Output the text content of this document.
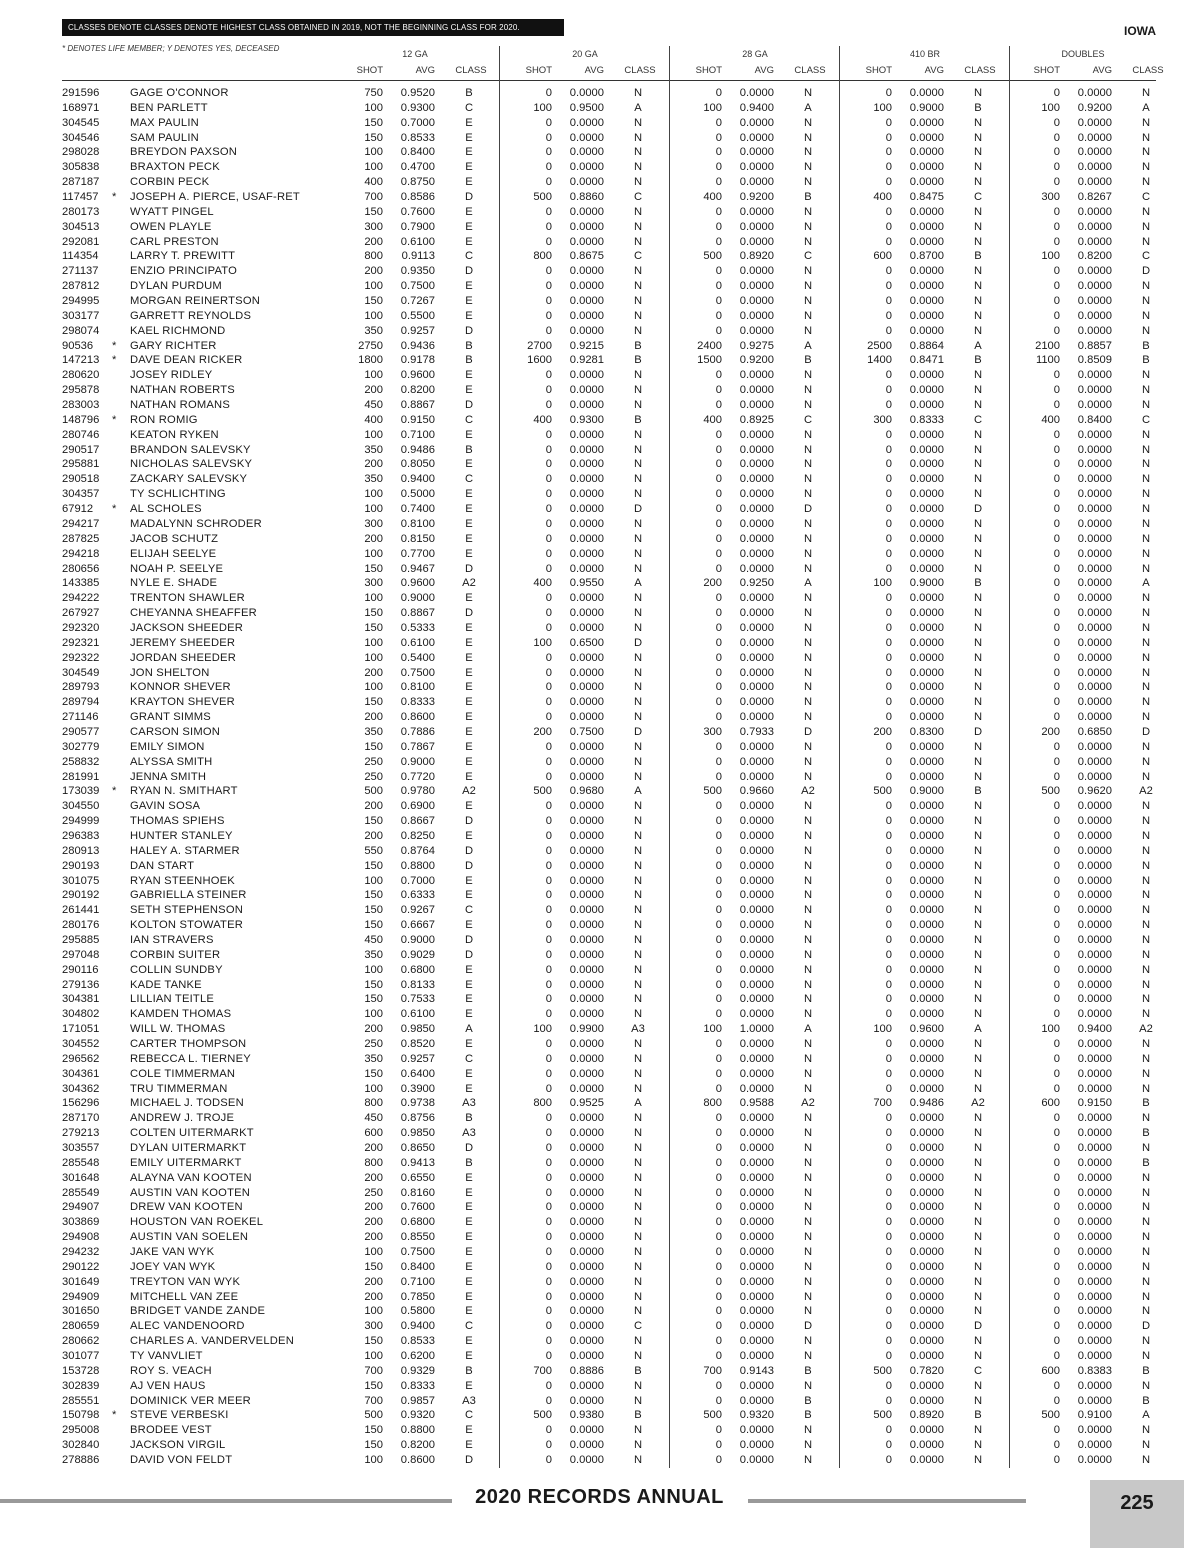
CLASSES DENOTE CLASSES DENOTE HIGHEST CLASS OBTAINED IN 2019, NOT THE BEGINNING CLASS FOR 2020.	IOWA
* DENOTES LIFE MEMBER; Y DENOTES YES, DECEASED
12 GA	20 GA	28 GA	410 BR	DOUBLES
SHOT	AVG	CLASS	SHOT	AVG	CLASS	SHOT	AVG	CLASS	SHOT	AVG	CLASS	SHOT	AVG	CLASS
291596	GAGE O'CONNOR	750	0.9520	B	0	0.0000	N	0	0.0000	N	0	0.0000	N	0	0.0000	N
168971	BEN PARLETT	100	0.9300	C	100	0.9500	A	100	0.9400	A	100	0.9000	B	100	0.9200	A
304545	MAX PAULIN	150	0.7000	E	0	0.0000	N	0	0.0000	N	0	0.0000	N	0	0.0000	N
304546	SAM PAULIN	150	0.8533	E	0	0.0000	N	0	0.0000	N	0	0.0000	N	0	0.0000	N
298028	BREYDON PAXSON	100	0.8400	E	0	0.0000	N	0	0.0000	N	0	0.0000	N	0	0.0000	N
305838	BRAXTON PECK	100	0.4700	E	0	0.0000	N	0	0.0000	N	0	0.0000	N	0	0.0000	N
287187	CORBIN PECK	400	0.8750	E	0	0.0000	N	0	0.0000	N	0	0.0000	N	0	0.0000	N
117457	*	JOSEPH A. PIERCE, USAF-RET	700	0.8586	D	500	0.8860	C	400	0.9200	B	400	0.8475	C	300	0.8267	C
280173	WYATT PINGEL	150	0.7600	E	0	0.0000	N	0	0.0000	N	0	0.0000	N	0	0.0000	N
304513	OWEN PLAYLE	300	0.7900	E	0	0.0000	N	0	0.0000	N	0	0.0000	N	0	0.0000	N
292081	CARL PRESTON	200	0.6100	E	0	0.0000	N	0	0.0000	N	0	0.0000	N	0	0.0000	N
114354	LARRY T. PREWITT	800	0.9113	C	800	0.8675	C	500	0.8920	C	600	0.8700	B	100	0.8200	C
271137	ENZIO PRINCIPATO	200	0.9350	D	0	0.0000	N	0	0.0000	N	0	0.0000	N	0	0.0000	D
287812	DYLAN PURDUM	100	0.7500	E	0	0.0000	N	0	0.0000	N	0	0.0000	N	0	0.0000	N
294995	MORGAN REINERTSON	150	0.7267	E	0	0.0000	N	0	0.0000	N	0	0.0000	N	0	0.0000	N
303177	GARRETT REYNOLDS	100	0.5500	E	0	0.0000	N	0	0.0000	N	0	0.0000	N	0	0.0000	N
298074	KAEL RICHMOND	350	0.9257	D	0	0.0000	N	0	0.0000	N	0	0.0000	N	0	0.0000	N
90536	*	GARY RICHTER	2750	0.9436	B	2700	0.9215	B	2400	0.9275	A	2500	0.8864	A	2100	0.8857	B
147213	*	DAVE DEAN RICKER	1800	0.9178	B	1600	0.9281	B	1500	0.9200	B	1400	0.8471	B	1100	0.8509	B
280620	JOSEY RIDLEY	100	0.9600	E	0	0.0000	N	0	0.0000	N	0	0.0000	N	0	0.0000	N
295878	NATHAN ROBERTS	200	0.8200	E	0	0.0000	N	0	0.0000	N	0	0.0000	N	0	0.0000	N
283003	NATHAN ROMANS	450	0.8867	D	0	0.0000	N	0	0.0000	N	0	0.0000	N	0	0.0000	N
148796	*	RON ROMIG	400	0.9150	C	400	0.9300	B	400	0.8925	C	300	0.8333	C	400	0.8400	C
280746	KEATON RYKEN	100	0.7100	E	0	0.0000	N	0	0.0000	N	0	0.0000	N	0	0.0000	N
290517	BRANDON SALEVSKY	350	0.9486	B	0	0.0000	N	0	0.0000	N	0	0.0000	N	0	0.0000	N
295881	NICHOLAS SALEVSKY	200	0.8050	E	0	0.0000	N	0	0.0000	N	0	0.0000	N	0	0.0000	N
290518	ZACKARY SALEVSKY	350	0.9400	C	0	0.0000	N	0	0.0000	N	0	0.0000	N	0	0.0000	N
304357	TY SCHLICHTING	100	0.5000	E	0	0.0000	N	0	0.0000	N	0	0.0000	N	0	0.0000	N
67912	*	AL SCHOLES	100	0.7400	E	0	0.0000	D	0	0.0000	D	0	0.0000	D	0	0.0000	N
294217	MADALYNN SCHRODER	300	0.8100	E	0	0.0000	N	0	0.0000	N	0	0.0000	N	0	0.0000	N
287825	JACOB SCHUTZ	200	0.8150	E	0	0.0000	N	0	0.0000	N	0	0.0000	N	0	0.0000	N
294218	ELIJAH SEELYE	100	0.7700	E	0	0.0000	N	0	0.0000	N	0	0.0000	N	0	0.0000	N
280656	NOAH P. SEELYE	150	0.9467	D	0	0.0000	N	0	0.0000	N	0	0.0000	N	0	0.0000	N
143385	NYLE E. SHADE	300	0.9600	A2	400	0.9550	A	200	0.9250	A	100	0.9000	B	0	0.0000	A
294222	TRENTON SHAWLER	100	0.9000	E	0	0.0000	N	0	0.0000	N	0	0.0000	N	0	0.0000	N
267927	CHEYANNA SHEAFFER	150	0.8867	D	0	0.0000	N	0	0.0000	N	0	0.0000	N	0	0.0000	N
292320	JACKSON SHEEDER	150	0.5333	E	0	0.0000	N	0	0.0000	N	0	0.0000	N	0	0.0000	N
292321	JEREMY SHEEDER	100	0.6100	E	100	0.6500	D	0	0.0000	N	0	0.0000	N	0	0.0000	N
292322	JORDAN SHEEDER	100	0.5400	E	0	0.0000	N	0	0.0000	N	0	0.0000	N	0	0.0000	N
304549	JON SHELTON	200	0.7500	E	0	0.0000	N	0	0.0000	N	0	0.0000	N	0	0.0000	N
289793	KONNOR SHEVER	100	0.8100	E	0	0.0000	N	0	0.0000	N	0	0.0000	N	0	0.0000	N
289794	KRAYTON SHEVER	150	0.8333	E	0	0.0000	N	0	0.0000	N	0	0.0000	N	0	0.0000	N
271146	GRANT SIMMS	200	0.8600	E	0	0.0000	N	0	0.0000	N	0	0.0000	N	0	0.0000	N
290577	CARSON SIMON	350	0.7886	E	200	0.7500	D	300	0.7933	D	200	0.8300	D	200	0.6850	D
302779	EMILY SIMON	150	0.7867	E	0	0.0000	N	0	0.0000	N	0	0.0000	N	0	0.0000	N
258832	ALYSSA SMITH	250	0.9000	E	0	0.0000	N	0	0.0000	N	0	0.0000	N	0	0.0000	N
281991	JENNA SMITH	250	0.7720	E	0	0.0000	N	0	0.0000	N	0	0.0000	N	0	0.0000	N
173039	*	RYAN N. SMITHART	500	0.9780	A2	500	0.9680	A	500	0.9660	A2	500	0.9000	B	500	0.9620	A2
304550	GAVIN SOSA	200	0.6900	E	0	0.0000	N	0	0.0000	N	0	0.0000	N	0	0.0000	N
294999	THOMAS SPIEHS	150	0.8667	D	0	0.0000	N	0	0.0000	N	0	0.0000	N	0	0.0000	N
296383	HUNTER STANLEY	200	0.8250	E	0	0.0000	N	0	0.0000	N	0	0.0000	N	0	0.0000	N
280913	HALEY A. STARMER	550	0.8764	D	0	0.0000	N	0	0.0000	N	0	0.0000	N	0	0.0000	N
290193	DAN START	150	0.8800	D	0	0.0000	N	0	0.0000	N	0	0.0000	N	0	0.0000	N
301075	RYAN STEENHOEK	100	0.7000	E	0	0.0000	N	0	0.0000	N	0	0.0000	N	0	0.0000	N
290192	GABRIELLA STEINER	150	0.6333	E	0	0.0000	N	0	0.0000	N	0	0.0000	N	0	0.0000	N
261441	SETH STEPHENSON	150	0.9267	C	0	0.0000	N	0	0.0000	N	0	0.0000	N	0	0.0000	N
280176	KOLTON STOWATER	150	0.6667	E	0	0.0000	N	0	0.0000	N	0	0.0000	N	0	0.0000	N
295885	IAN STRAVERS	450	0.9000	D	0	0.0000	N	0	0.0000	N	0	0.0000	N	0	0.0000	N
297048	CORBIN SUITER	350	0.9029	D	0	0.0000	N	0	0.0000	N	0	0.0000	N	0	0.0000	N
290116	COLLIN SUNDBY	100	0.6800	E	0	0.0000	N	0	0.0000	N	0	0.0000	N	0	0.0000	N
279136	KADE TANKE	150	0.8133	E	0	0.0000	N	0	0.0000	N	0	0.0000	N	0	0.0000	N
304381	LILLIAN TEITLE	150	0.7533	E	0	0.0000	N	0	0.0000	N	0	0.0000	N	0	0.0000	N
304802	KAMDEN THOMAS	100	0.6100	E	0	0.0000	N	0	0.0000	N	0	0.0000	N	0	0.0000	N
171051	WILL W. THOMAS	200	0.9850	A	100	0.9900	A3	100	1.0000	A	100	0.9600	A	100	0.9400	A2
304552	CARTER THOMPSON	250	0.8520	E	0	0.0000	N	0	0.0000	N	0	0.0000	N	0	0.0000	N
296562	REBECCA L. TIERNEY	350	0.9257	C	0	0.0000	N	0	0.0000	N	0	0.0000	N	0	0.0000	N
304361	COLE TIMMERMAN	150	0.6400	E	0	0.0000	N	0	0.0000	N	0	0.0000	N	0	0.0000	N
304362	TRU TIMMERMAN	100	0.3900	E	0	0.0000	N	0	0.0000	N	0	0.0000	N	0	0.0000	N
156296	MICHAEL J. TODSEN	800	0.9738	A3	800	0.9525	A	800	0.9588	A2	700	0.9486	A2	600	0.9150	B
287170	ANDREW J. TROJE	450	0.8756	B	0	0.0000	N	0	0.0000	N	0	0.0000	N	0	0.0000	N
279213	COLTEN UITERMARKT	600	0.9850	A3	0	0.0000	N	0	0.0000	N	0	0.0000	N	0	0.0000	B
303557	DYLAN UITERMARKT	200	0.8650	D	0	0.0000	N	0	0.0000	N	0	0.0000	N	0	0.0000	N
285548	EMILY UITERMARKT	800	0.9413	B	0	0.0000	N	0	0.0000	N	0	0.0000	N	0	0.0000	B
301648	ALAYNA VAN KOOTEN	200	0.6550	E	0	0.0000	N	0	0.0000	N	0	0.0000	N	0	0.0000	N
285549	AUSTIN VAN KOOTEN	250	0.8160	E	0	0.0000	N	0	0.0000	N	0	0.0000	N	0	0.0000	N
294907	DREW VAN KOOTEN	200	0.7600	E	0	0.0000	N	0	0.0000	N	0	0.0000	N	0	0.0000	N
303869	HOUSTON VAN ROEKEL	200	0.6800	E	0	0.0000	N	0	0.0000	N	0	0.0000	N	0	0.0000	N
294908	AUSTIN VAN SOELEN	200	0.8550	E	0	0.0000	N	0	0.0000	N	0	0.0000	N	0	0.0000	N
294232	JAKE VAN WYK	100	0.7500	E	0	0.0000	N	0	0.0000	N	0	0.0000	N	0	0.0000	N
290122	JOEY VAN WYK	150	0.8400	E	0	0.0000	N	0	0.0000	N	0	0.0000	N	0	0.0000	N
301649	TREYTON VAN WYK	200	0.7100	E	0	0.0000	N	0	0.0000	N	0	0.0000	N	0	0.0000	N
294909	MITCHELL VAN ZEE	200	0.7850	E	0	0.0000	N	0	0.0000	N	0	0.0000	N	0	0.0000	N
301650	BRIDGET VANDE ZANDE	100	0.5800	E	0	0.0000	N	0	0.0000	N	0	0.0000	N	0	0.0000	N
280659	ALEC VANDENOORD	300	0.9400	C	0	0.0000	C	0	0.0000	D	0	0.0000	D	0	0.0000	D
280662	CHARLES A. VANDERVELDEN	150	0.8533	E	0	0.0000	N	0	0.0000	N	0	0.0000	N	0	0.0000	N
301077	TY VANVLIET	100	0.6200	E	0	0.0000	N	0	0.0000	N	0	0.0000	N	0	0.0000	N
153728	ROY S. VEACH	700	0.9329	B	700	0.8886	B	700	0.9143	B	500	0.7820	C	600	0.8383	B
302839	AJ VEN HAUS	150	0.8333	E	0	0.0000	N	0	0.0000	N	0	0.0000	N	0	0.0000	N
285551	DOMINICK VER MEER	700	0.9857	A3	0	0.0000	N	0	0.0000	B	0	0.0000	N	0	0.0000	B
150798	*	STEVE VERBESKI	500	0.9320	C	500	0.9380	B	500	0.9320	B	500	0.8920	B	500	0.9100	A
295008	BRODEE VEST	150	0.8800	E	0	0.0000	N	0	0.0000	N	0	0.0000	N	0	0.0000	N
302840	JACKSON VIRGIL	150	0.8200	E	0	0.0000	N	0	0.0000	N	0	0.0000	N	0	0.0000	N
278886	DAVID VON FELDT	100	0.8600	D	0	0.0000	N	0	0.0000	N	0	0.0000	N	0	0.0000	N
2020 RECORDS ANNUAL	225
